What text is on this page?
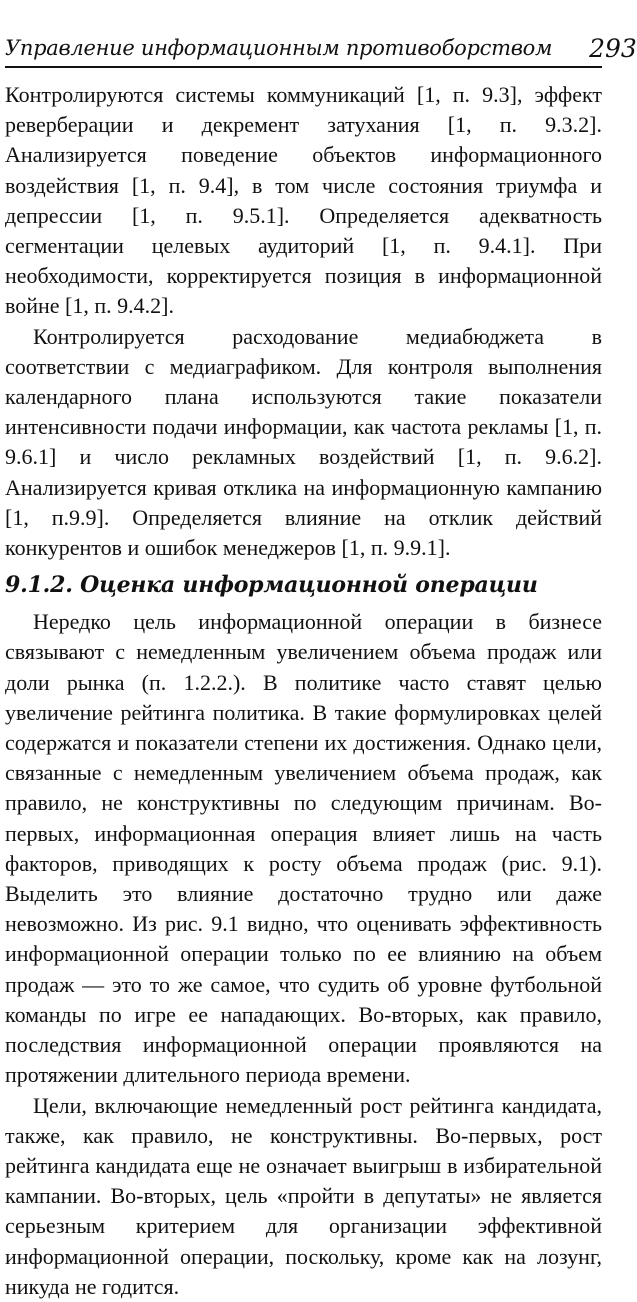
Управление информационным противоборством 293

Контролируются системы коммуникаций [1, п. 9.3], эффект реверберации и декремент затухания [1, п. 9.3.2]. Анализируется поведение объектов информационного воздействия [1, п. 9.4], в том числе состояния триумфа и депрессии [1, п. 9.5.1]. Определяется адекватность сегментации целевых аудиторий [1, п. 9.4.1]. При необходимости, корректируется позиция в информационной войне [1, п. 9.4.2].

Контролируется расходование медиабюджета в соответствии с медиаграфиком. Для контроля выполнения календарного плана используются такие показатели интенсивности подачи информации, как частота рекламы [1, п. 9.6.1] и число рекламных воздействий [1, п. 9.6.2]. Анализируется кривая отклика на информационную кампанию [1, п.9.9]. Определяется влияние на отклик действий конкурентов и ошибок менеджеров [1, п. 9.9.1].

9.1.2. Оценка информационной операции

Нередко цель информационной операции в бизнесе связывают с немедленным увеличением объема продаж или доли рынка (п. 1.2.2.). В политике часто ставят целью увеличение рейтинга политика. В такие формулировках целей содержатся и показатели степени их достижения. Однако цели, связанные с немедленным увеличением объема продаж, как правило, не конструктивны по следующим причинам. Во-первых, информационная операция влияет лишь на часть факторов, приводящих к росту объема продаж (рис. 9.1). Выделить это влияние достаточно трудно или даже невозможно. Из рис. 9.1 видно, что оценивать эффективность информационной операции только по ее влиянию на объем продаж — это то же самое, что судить об уровне футбольной команды по игре ее нападающих. Во-вторых, как правило, последствия информационной операции проявляются на протяжении длительного периода времени.

Цели, включающие немедленный рост рейтинга кандидата, также, как правило, не конструктивны. Во-первых, рост рейтинга кандидата еще не означает выигрыш в избирательной кампании. Во-вторых, цель «пройти в депутаты» не является серьезным критерием для организации эффективной информационной операции, поскольку, кроме как на лозунг, никуда не годится.
